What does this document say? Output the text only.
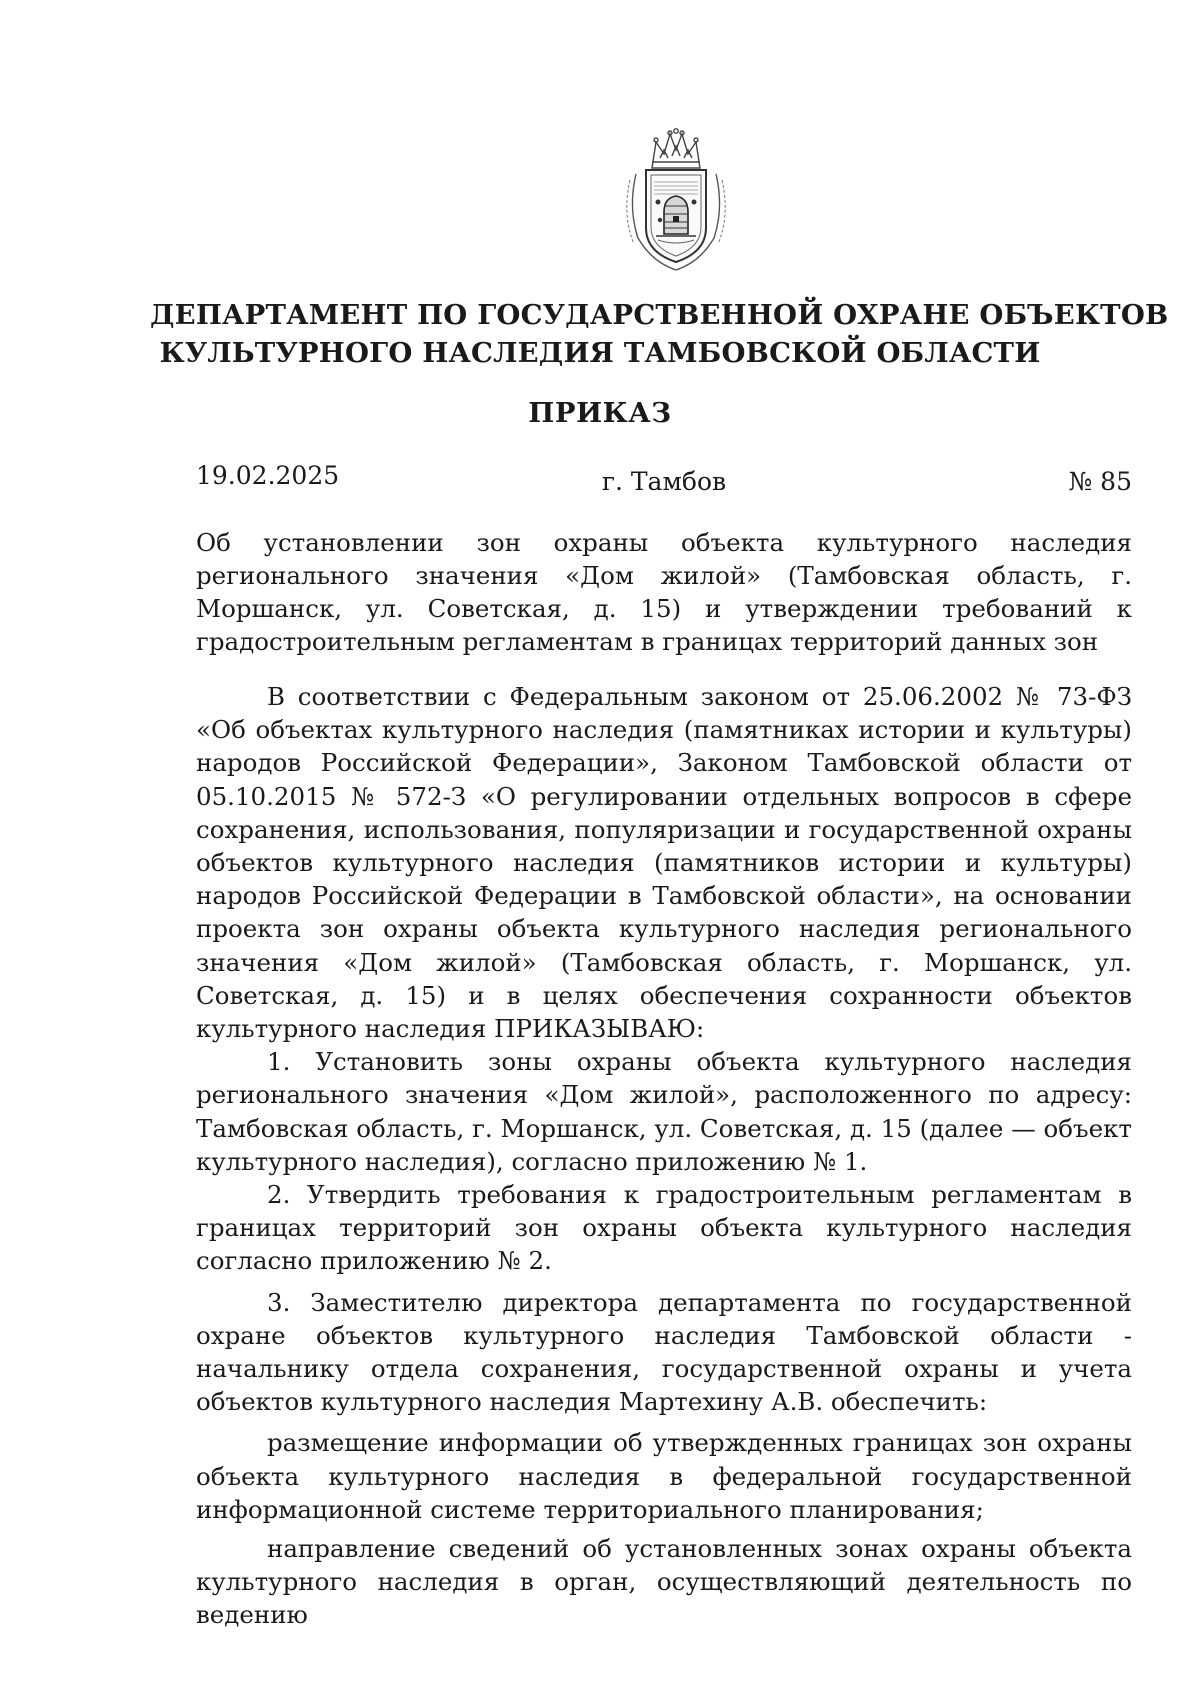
ДЕПАРТАМЕНТ ПО ГОСУДАРСТВЕННОЙ ОХРАНЕ ОБЪЕКТОВ
КУЛЬТУРНОГО НАСЛЕДИЯ ТАМБОВСКОЙ ОБЛАСТИ
ПРИКАЗ
19.02.2025	г. Тамбов	№ 85
Об установлении зон охраны объекта культурного наследия регионального значения «Дом жилой» (Тамбовская область, г. Моршанск, ул. Советская, д. 15) и утверждении требований к градостроительным регламентам в границах территорий данных зон

В соответствии с Федеральным законом от 25.06.2002 № 73-ФЗ «Об объектах культурного наследия (памятниках истории и культуры) народов Российской Федерации», Законом Тамбовской области от 05.10.2015 № 572-З «О регулировании отдельных вопросов в сфере сохранения, использования, популяризации и государственной охраны объектов культурного наследия (памятников истории и культуры) народов Российской Федерации в Тамбовской области», на основании проекта зон охраны объекта культурного наследия регионального значения «Дом жилой» (Тамбовская область, г. Моршанск, ул. Советская, д. 15) и в целях обеспечения сохранности объектов культурного наследия ПРИКАЗЫВАЮ:

1. Установить зоны охраны объекта культурного наследия регионального значения «Дом жилой», расположенного по адресу: Тамбовская область, г. Моршанск, ул. Советская, д. 15 (далее — объект культурного наследия), согласно приложению № 1.

2. Утвердить требования к градостроительным регламентам в границах территорий зон охраны объекта культурного наследия согласно приложению № 2.

3. Заместителю директора департамента по государственной охране объектов культурного наследия Тамбовской области - начальнику отдела сохранения, государственной охраны и учета объектов культурного наследия Мартехину А.В. обеспечить:

размещение информации об утвержденных границах зон охраны объекта культурного наследия в федеральной государственной информационной системе территориального планирования;

направление сведений об установленных зонах охраны объекта культурного наследия в орган, осуществляющий деятельность по ведению
